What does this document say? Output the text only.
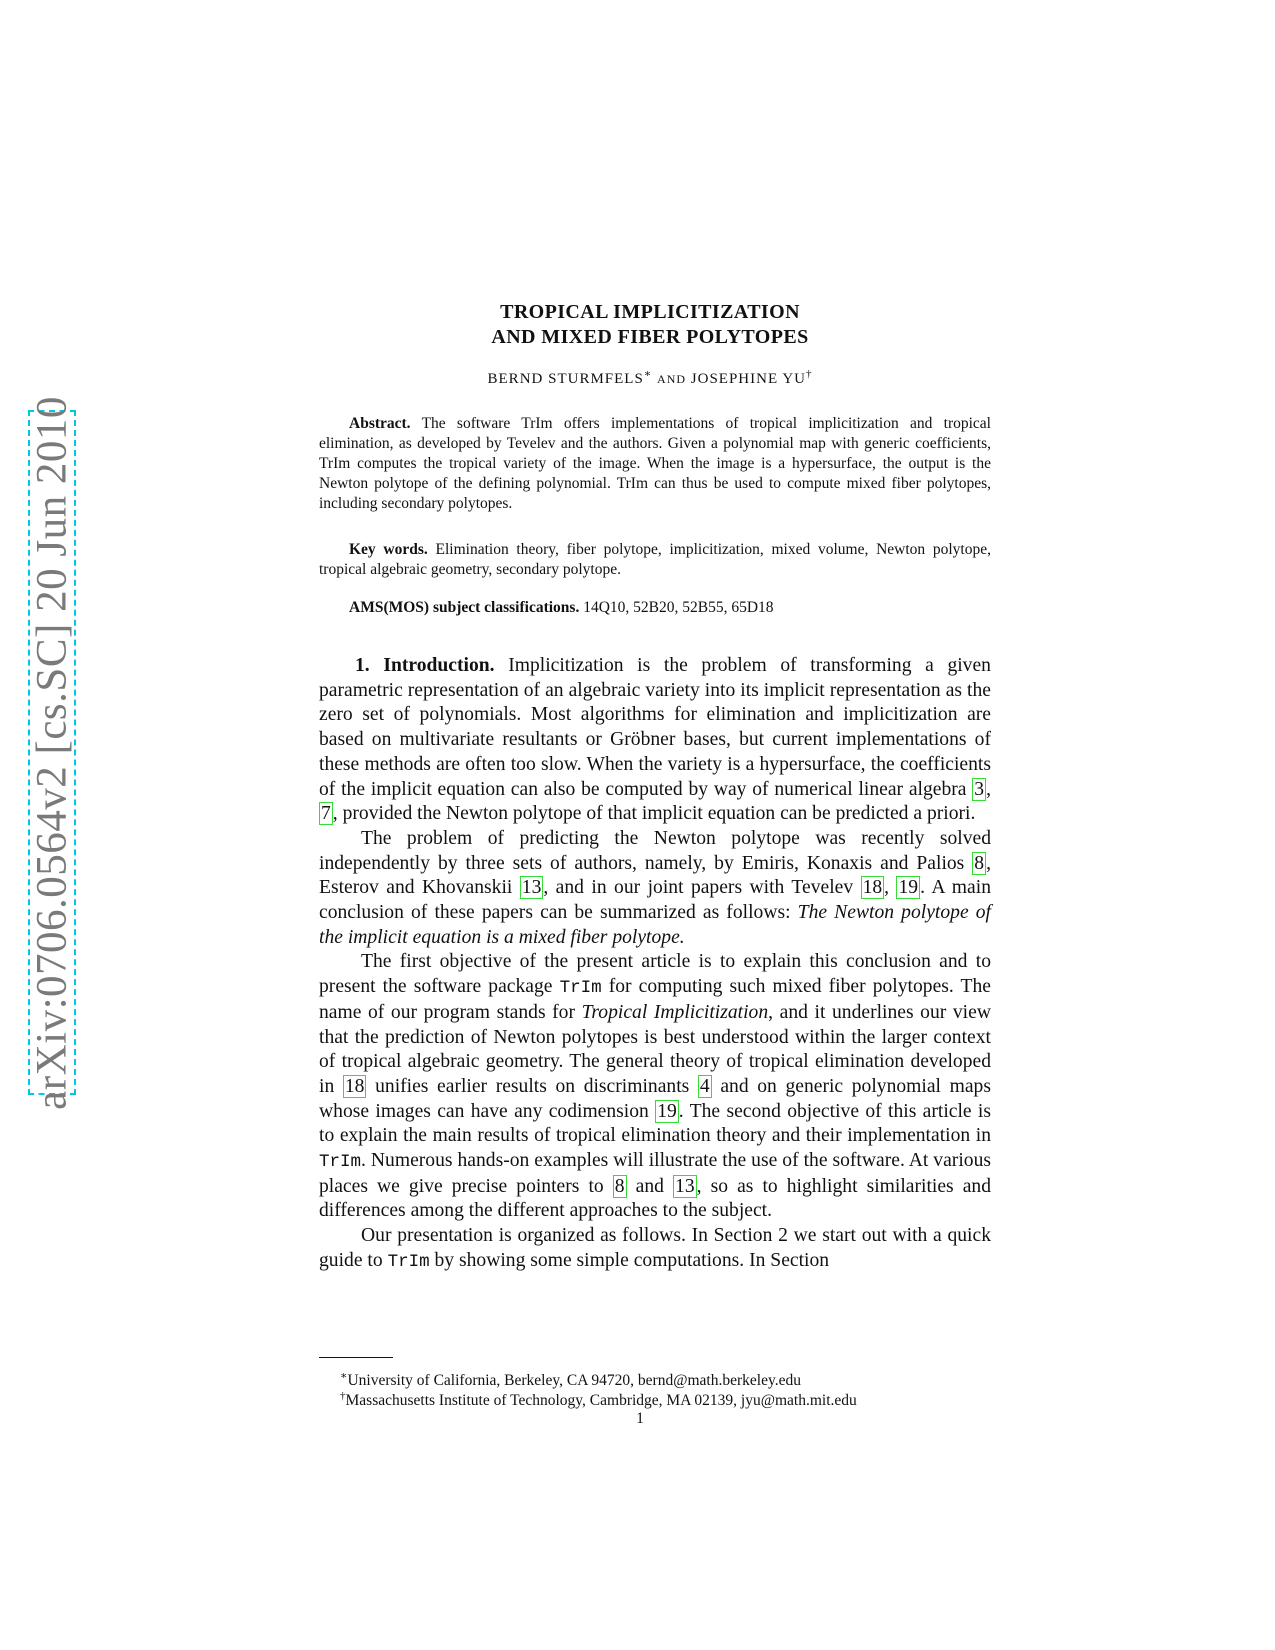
arXiv:0706.0564v2 [cs.SC] 20 Jun 2010
TROPICAL IMPLICITIZATION
AND MIXED FIBER POLYTOPES
BERND STURMFELS∗ AND JOSEPHINE YU†
Abstract. The software TrIm offers implementations of tropical implicitization and tropical elimination, as developed by Tevelev and the authors. Given a polynomial map with generic coefficients, TrIm computes the tropical variety of the image. When the image is a hypersurface, the output is the Newton polytope of the defining polynomial. TrIm can thus be used to compute mixed fiber polytopes, including secondary polytopes.
Key words. Elimination theory, fiber polytope, implicitization, mixed volume, Newton polytope, tropical algebraic geometry, secondary polytope.
AMS(MOS) subject classifications. 14Q10, 52B20, 52B55, 65D18

1. Introduction. Implicitization is the problem of transforming a given parametric representation of an algebraic variety into its implicit representation as the zero set of polynomials. Most algorithms for elimination and implicitization are based on multivariate resultants or Gröbner bases, but current implementations of these methods are often too slow. When the variety is a hypersurface, the coefficients of the implicit equation can also be computed by way of numerical linear algebra 3 , 7 , provided the Newton polytope of that implicit equation can be predicted a priori.

The problem of predicting the Newton polytope was recently solved independently by three sets of authors, namely, by Emiris, Konaxis and Palios 8 , Esterov and Khovanskii 13 , and in our joint papers with Tevelev 18 , 19 . A main conclusion of these papers can be summarized as follows: The Newton polytope of the implicit equation is a mixed fiber polytope.

The first objective of the present article is to explain this conclusion and to present the software package TrIm for computing such mixed fiber polytopes. The name of our program stands for Tropical Implicitization, and it underlines our view that the prediction of Newton polytopes is best understood within the larger context of tropical algebraic geometry. The general theory of tropical elimination developed in 18 unifies earlier results on discriminants 4 and on generic polynomial maps whose images can have any codimension 19 . The second objective of this article is to explain the main results of tropical elimination theory and their implementation in TrIm. Numerous hands-on examples will illustrate the use of the software. At various places we give precise pointers to 8 and 13 , so as to highlight similarities and differences among the different approaches to the subject.

Our presentation is organized as follows. In Section 2 we start out with a quick guide to TrIm by showing some simple computations. In Section

∗University of California, Berkeley, CA 94720, bernd@math.berkeley.edu
†Massachusetts Institute of Technology, Cambridge, MA 02139, jyu@math.mit.edu
1
